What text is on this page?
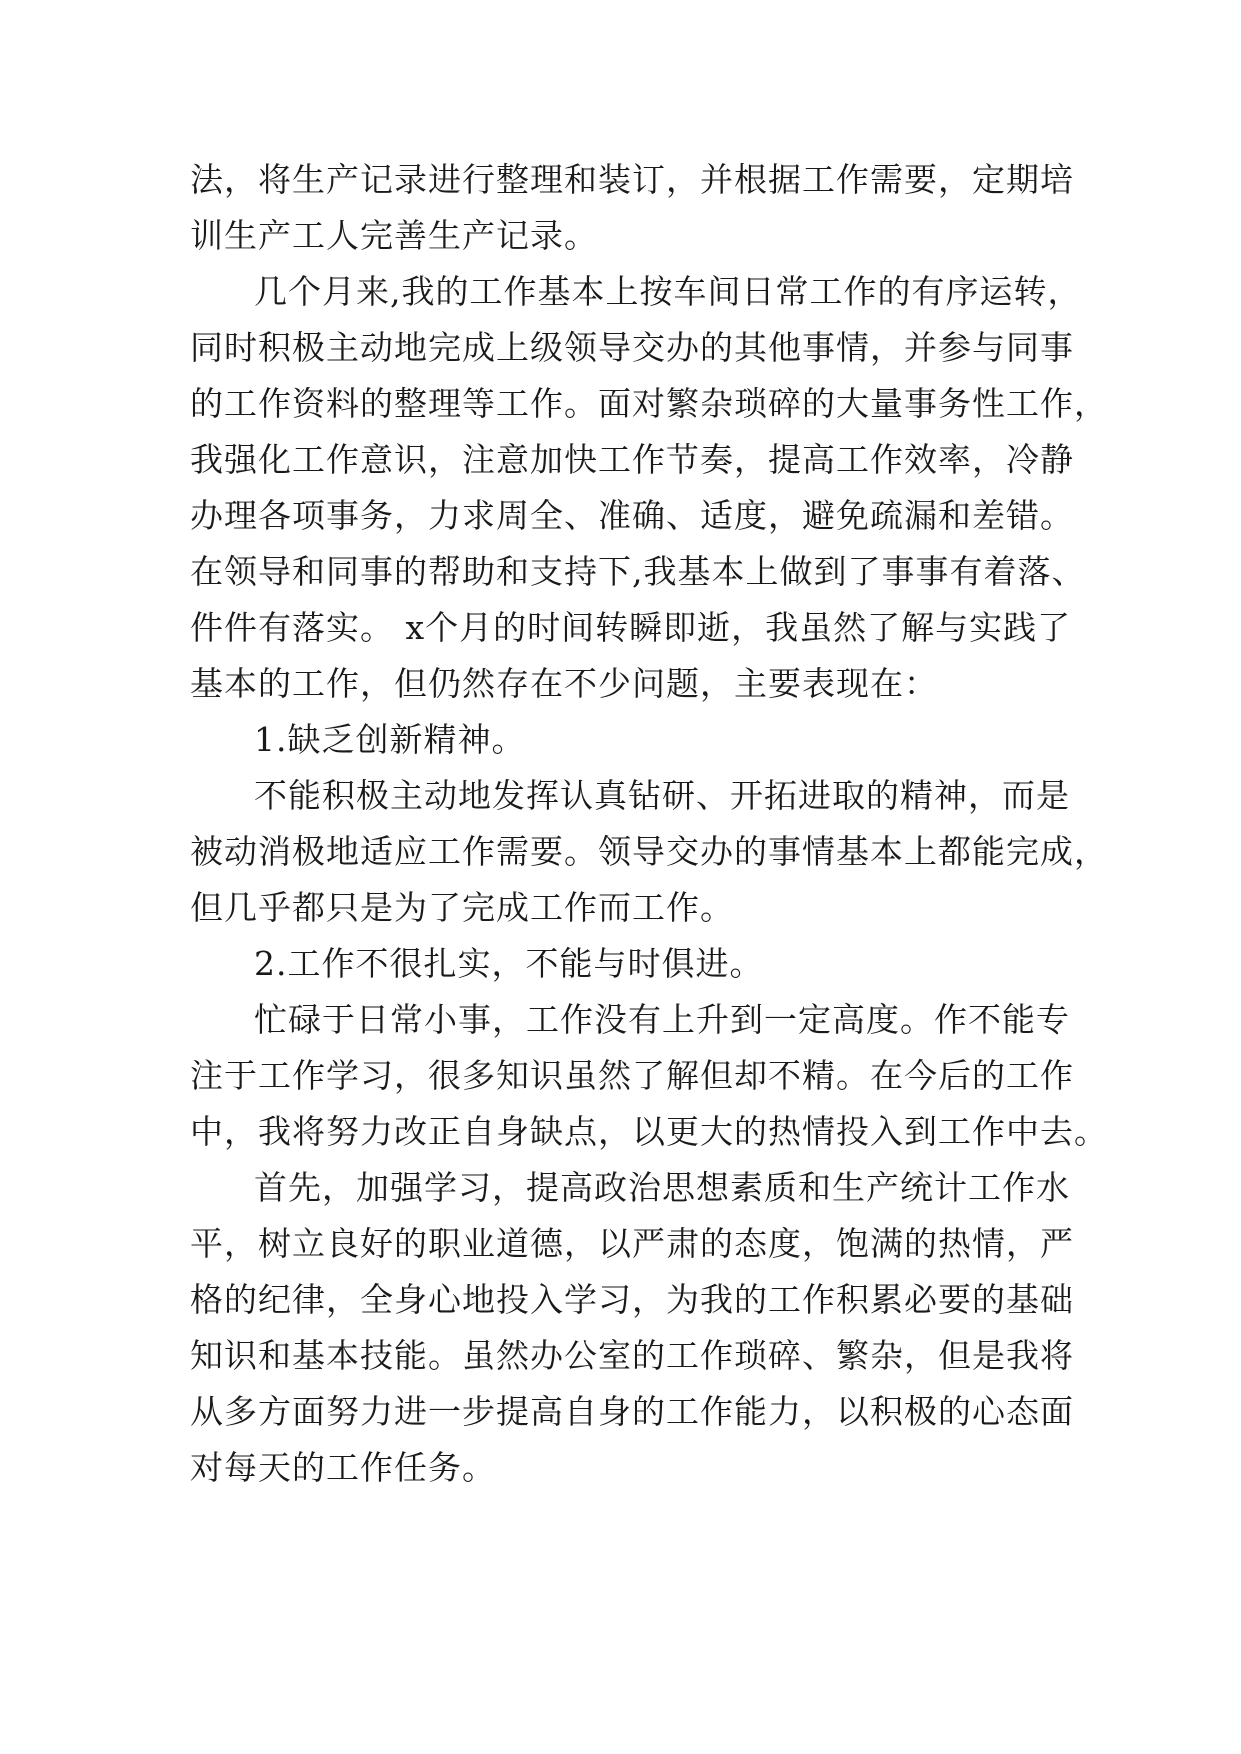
法，将生产记录进行整理和装订，并根据工作需要，定期培
训生产工人完善生产记录。
几个月来,我的工作基本上按车间日常工作的有序运转，
同时积极主动地完成上级领导交办的其他事情，并参与同事
的工作资料的整理等工作。面对繁杂琐碎的大量事务性工作，
我强化工作意识，注意加快工作节奏，提高工作效率，冷静
办理各项事务，力求周全、准确、适度，避免疏漏和差错。
在领导和同事的帮助和支持下,我基本上做到了事事有着落、
件件有落实。 x个月的时间转瞬即逝，我虽然了解与实践了
基本的工作，但仍然存在不少问题，主要表现在：
1.缺乏创新精神。
不能积极主动地发挥认真钻研、开拓进取的精神，而是
被动消极地适应工作需要。领导交办的事情基本上都能完成，
但几乎都只是为了完成工作而工作。
2.工作不很扎实，不能与时俱进。
忙碌于日常小事，工作没有上升到一定高度。作不能专
注于工作学习，很多知识虽然了解但却不精。在今后的工作
中，我将努力改正自身缺点，以更大的热情投入到工作中去。
首先，加强学习，提高政治思想素质和生产统计工作水
平，树立良好的职业道德，以严肃的态度，饱满的热情，严
格的纪律，全身心地投入学习，为我的工作积累必要的基础
知识和基本技能。虽然办公室的工作琐碎、繁杂，但是我将
从多方面努力进一步提高自身的工作能力，以积极的心态面
对每天的工作任务。
